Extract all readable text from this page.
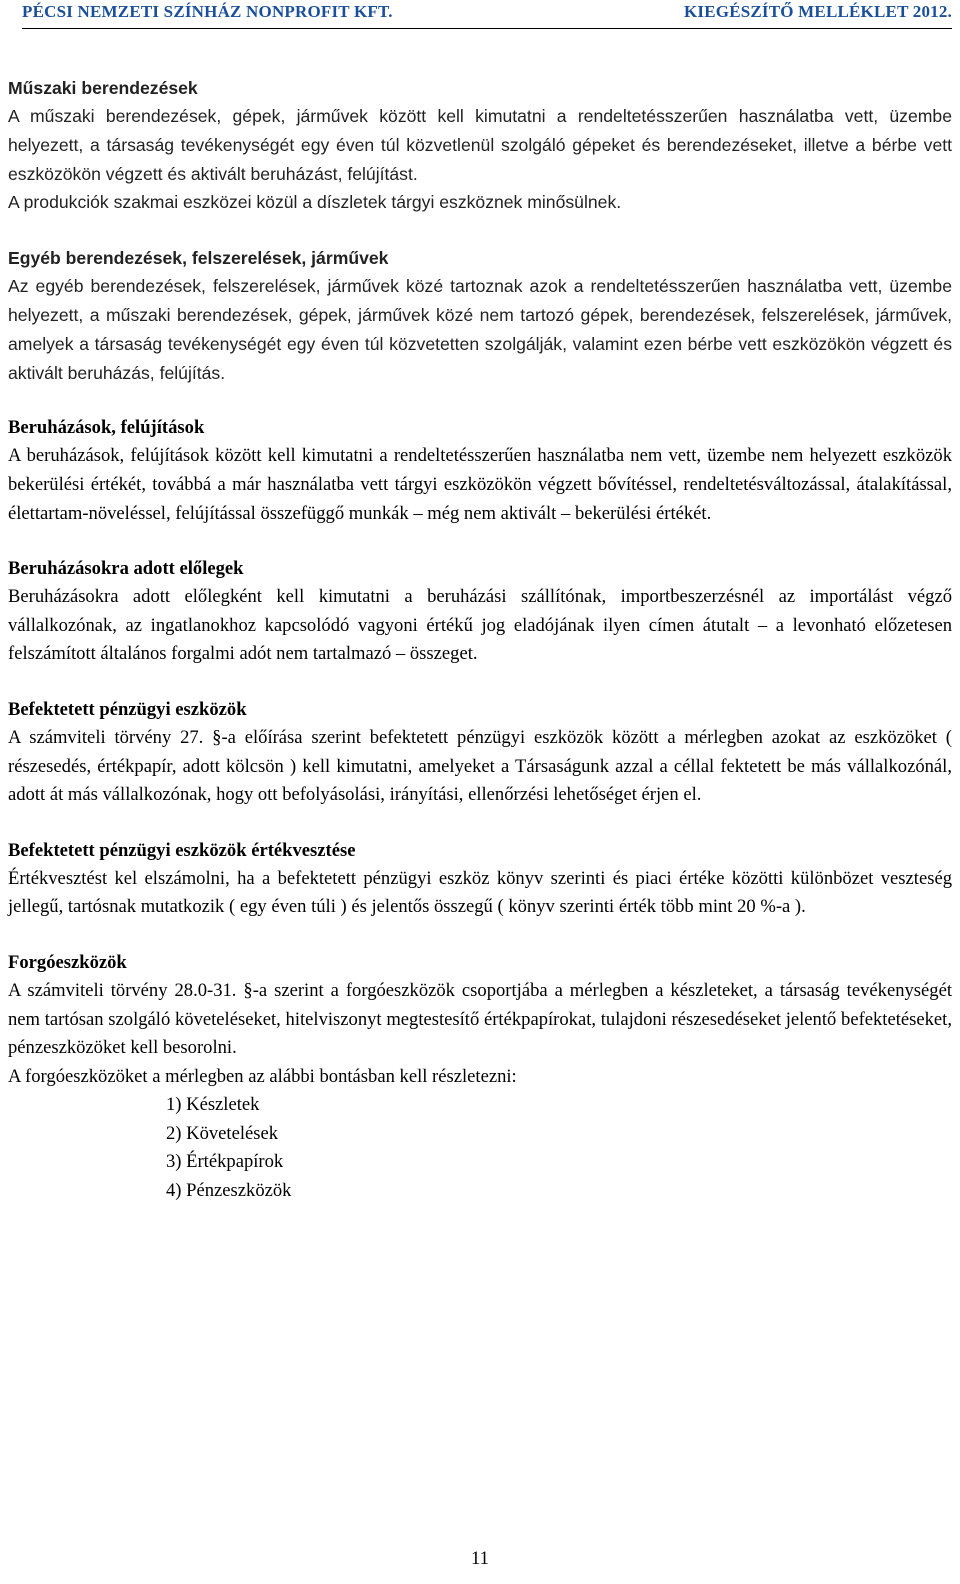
PÉCSI NEMZETI SZÍNHÁZ NONPROFIT KFT.	KIEGÉSZÍTŐ MELLÉKLET 2012.

Műszaki berendezések

A műszaki berendezések, gépek, járművek között kell kimutatni a rendeltetésszerűen használatba vett, üzembe helyezett, a társaság tevékenységét egy éven túl közvetlenül szolgáló gépeket és berendezéseket, illetve a bérbe vett eszközökön végzett és aktivált beruházást, felújítást.

A produkciók szakmai eszközei közül a díszletek tárgyi eszköznek minősülnek.

Egyéb berendezések, felszerelések, járművek

Az egyéb berendezések, felszerelések, járművek közé tartoznak azok a rendeltetésszerűen használatba vett, üzembe helyezett, a műszaki berendezések, gépek, járművek közé nem tartozó gépek, berendezések, felszerelések, járművek, amelyek a társaság tevékenységét egy éven túl közvetetten szolgálják, valamint ezen bérbe vett eszközökön végzett és aktivált beruházás, felújítás.

Beruházások, felújítások

A beruházások, felújítások között kell kimutatni a rendeltetésszerűen használatba nem vett, üzembe nem helyezett eszközök bekerülési értékét, továbbá a már használatba vett tárgyi eszközökön végzett bővítéssel, rendeltetésváltozással, átalakítással, élettartam-növeléssel, felújítással összefüggő munkák – még nem aktivált – bekerülési értékét.

Beruházásokra adott előlegek

Beruházásokra adott előlegként kell kimutatni a beruházási szállítónak, importbeszerzésnél az importálást végző vállalkozónak, az ingatlanokhoz kapcsolódó vagyoni értékű jog eladójának ilyen címen átutalt – a levonható előzetesen felszámított általános forgalmi adót nem tartalmazó – összeget.

Befektetett pénzügyi eszközök

A számviteli törvény 27. §-a előírása szerint befektetett pénzügyi eszközök között a mérlegben azokat az eszközöket ( részesedés, értékpapír, adott kölcsön ) kell kimutatni, amelyeket a Társaságunk azzal a céllal fektetett be más vállalkozónál, adott át más vállalkozónak, hogy ott befolyásolási, irányítási, ellenőrzési lehetőséget érjen el.

Befektetett pénzügyi eszközök értékvesztése

Értékvesztést kel elszámolni, ha a befektetett pénzügyi eszköz könyv szerinti és piaci értéke közötti különbözet veszteség jellegű, tartósnak mutatkozik ( egy éven túli ) és jelentős összegű ( könyv szerinti érték több mint 20 %-a ).

Forgóeszközök

A számviteli törvény 28.0-31. §-a szerint a forgóeszközök csoportjába a mérlegben a készleteket, a társaság tevékenységét nem tartósan szolgáló követeléseket, hitelviszonyt megtestesítő értékpapírokat, tulajdoni részesedéseket jelentő befektetéseket, pénzeszközöket kell besorolni.

A forgóeszközöket a mérlegben az alábbi bontásban kell részletezni:

1) Készletek
2) Követelések
3) Értékpapírok
4) Pénzeszközök
11
